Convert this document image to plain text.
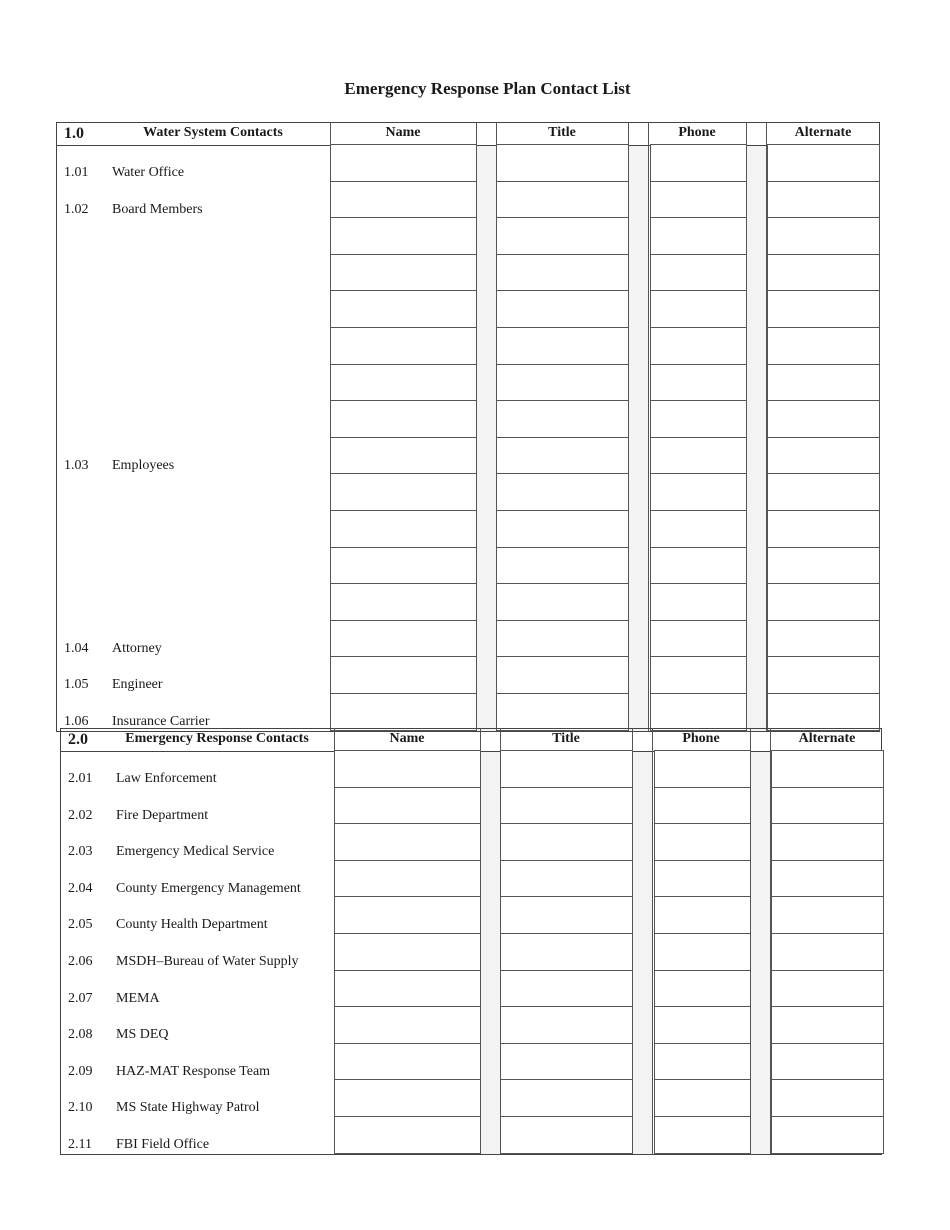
Emergency Response Plan Contact List
1.0	Water System Contacts	Name	Title	Phone	Alternate
1.01 Water Office
1.02 Board Members
1.03 Employees
1.04 Attorney
1.05 Engineer
1.06 Insurance Carrier
2.0	Emergency Response Contacts	Name	Title	Phone	Alternate
2.01 Law Enforcement
2.02 Fire Department
2.03 Emergency Medical Service
2.04 County Emergency Management
2.05 County Health Department
2.06 MSDH–Bureau of Water Supply
2.07 MEMA
2.08 MS DEQ
2.09 HAZ-MAT Response Team
2.10 MS State Highway Patrol
2.11 FBI Field Office
